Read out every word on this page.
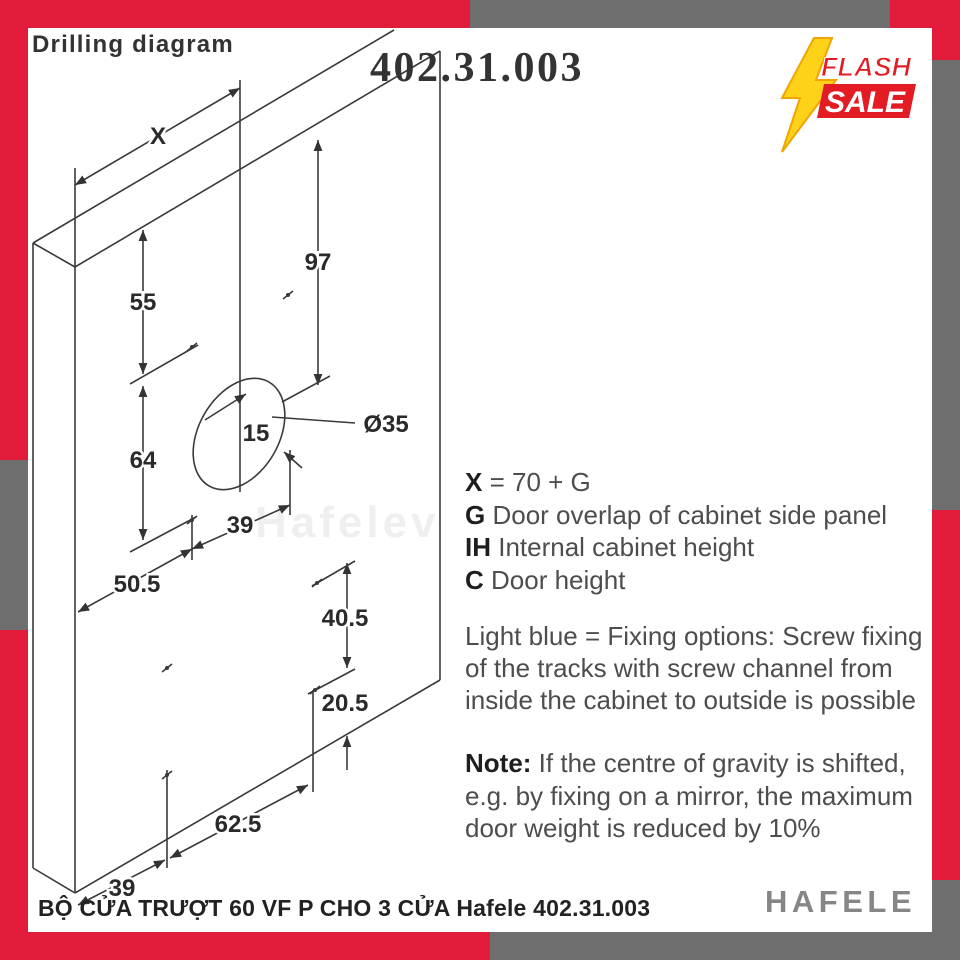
Hafelev
X
97
55
Ø35
15
64
39
50.5
40.5
20.5
62.5
39
Drilling diagram
402.31.003	FLASH
SALE
X = 70 + G
G Door overlap of cabinet side panel
IH Internal cabinet height
C Door height
Light blue = Fixing options: Screw fixing
of the tracks with screw channel from
inside the cabinet to outside is possible
Note: If the centre of gravity is shifted,
e.g. by fixing on a mirror, the maximum
door weight is reduced by 10%
BỘ CỬA TRƯỢT 60 VF P CHO 3 CỬA Hafele 402.31.003	HAFELE
